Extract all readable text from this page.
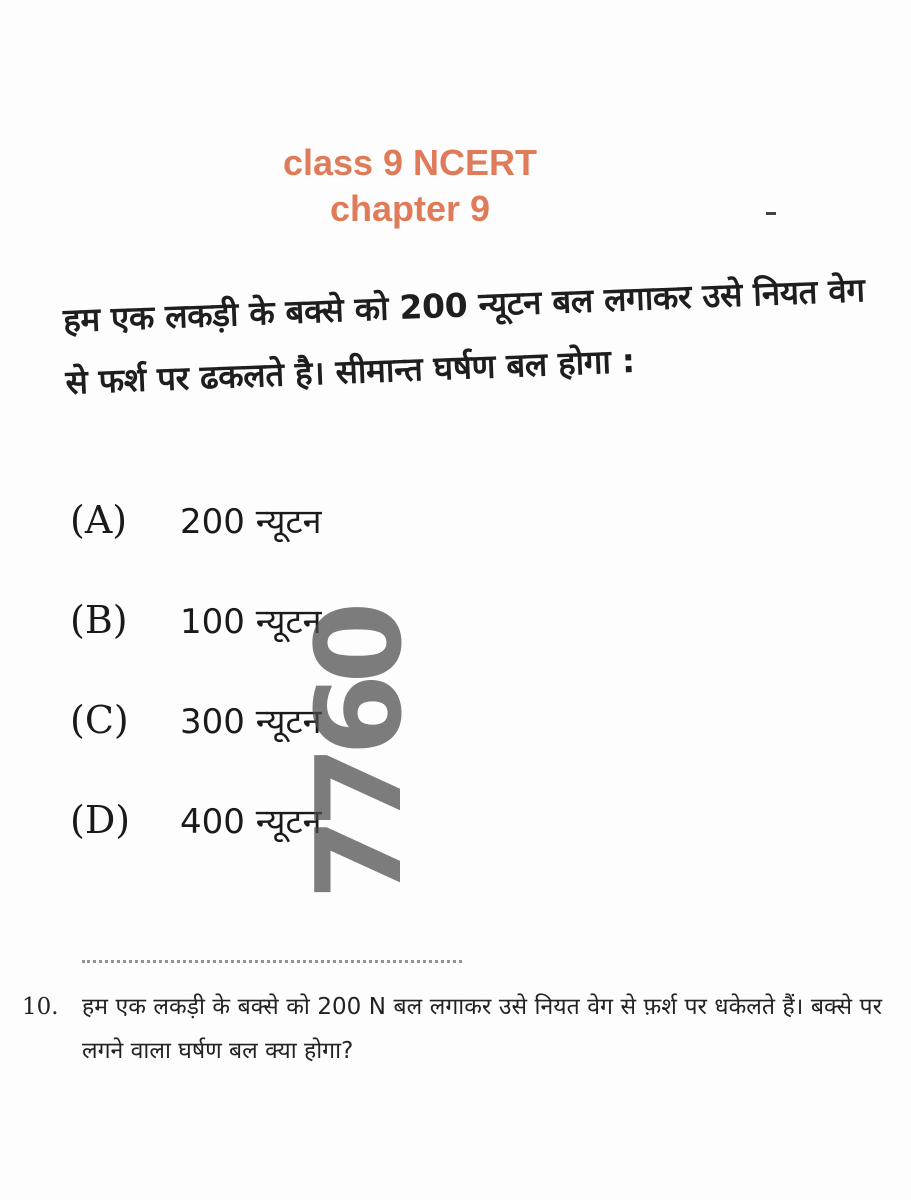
class 9 NCERT
chapter 9
हम एक लकड़ी के बक्से को 200 न्यूटन बल लगाकर उसे नियत वेग से फर्श पर ढकलते है। सीमान्त घर्षण बल होगा :
(A)	200 न्यूटन
(B)	100 न्यूटन
(C)	300 न्यूटन
(D)	400 न्यूटन
7760
10. हम एक लकड़ी के बक्से को 200 N बल लगाकर उसे नियत वेग से फ़र्श पर धकेलते हैं। बक्से पर लगने वाला घर्षण बल क्या होगा?
